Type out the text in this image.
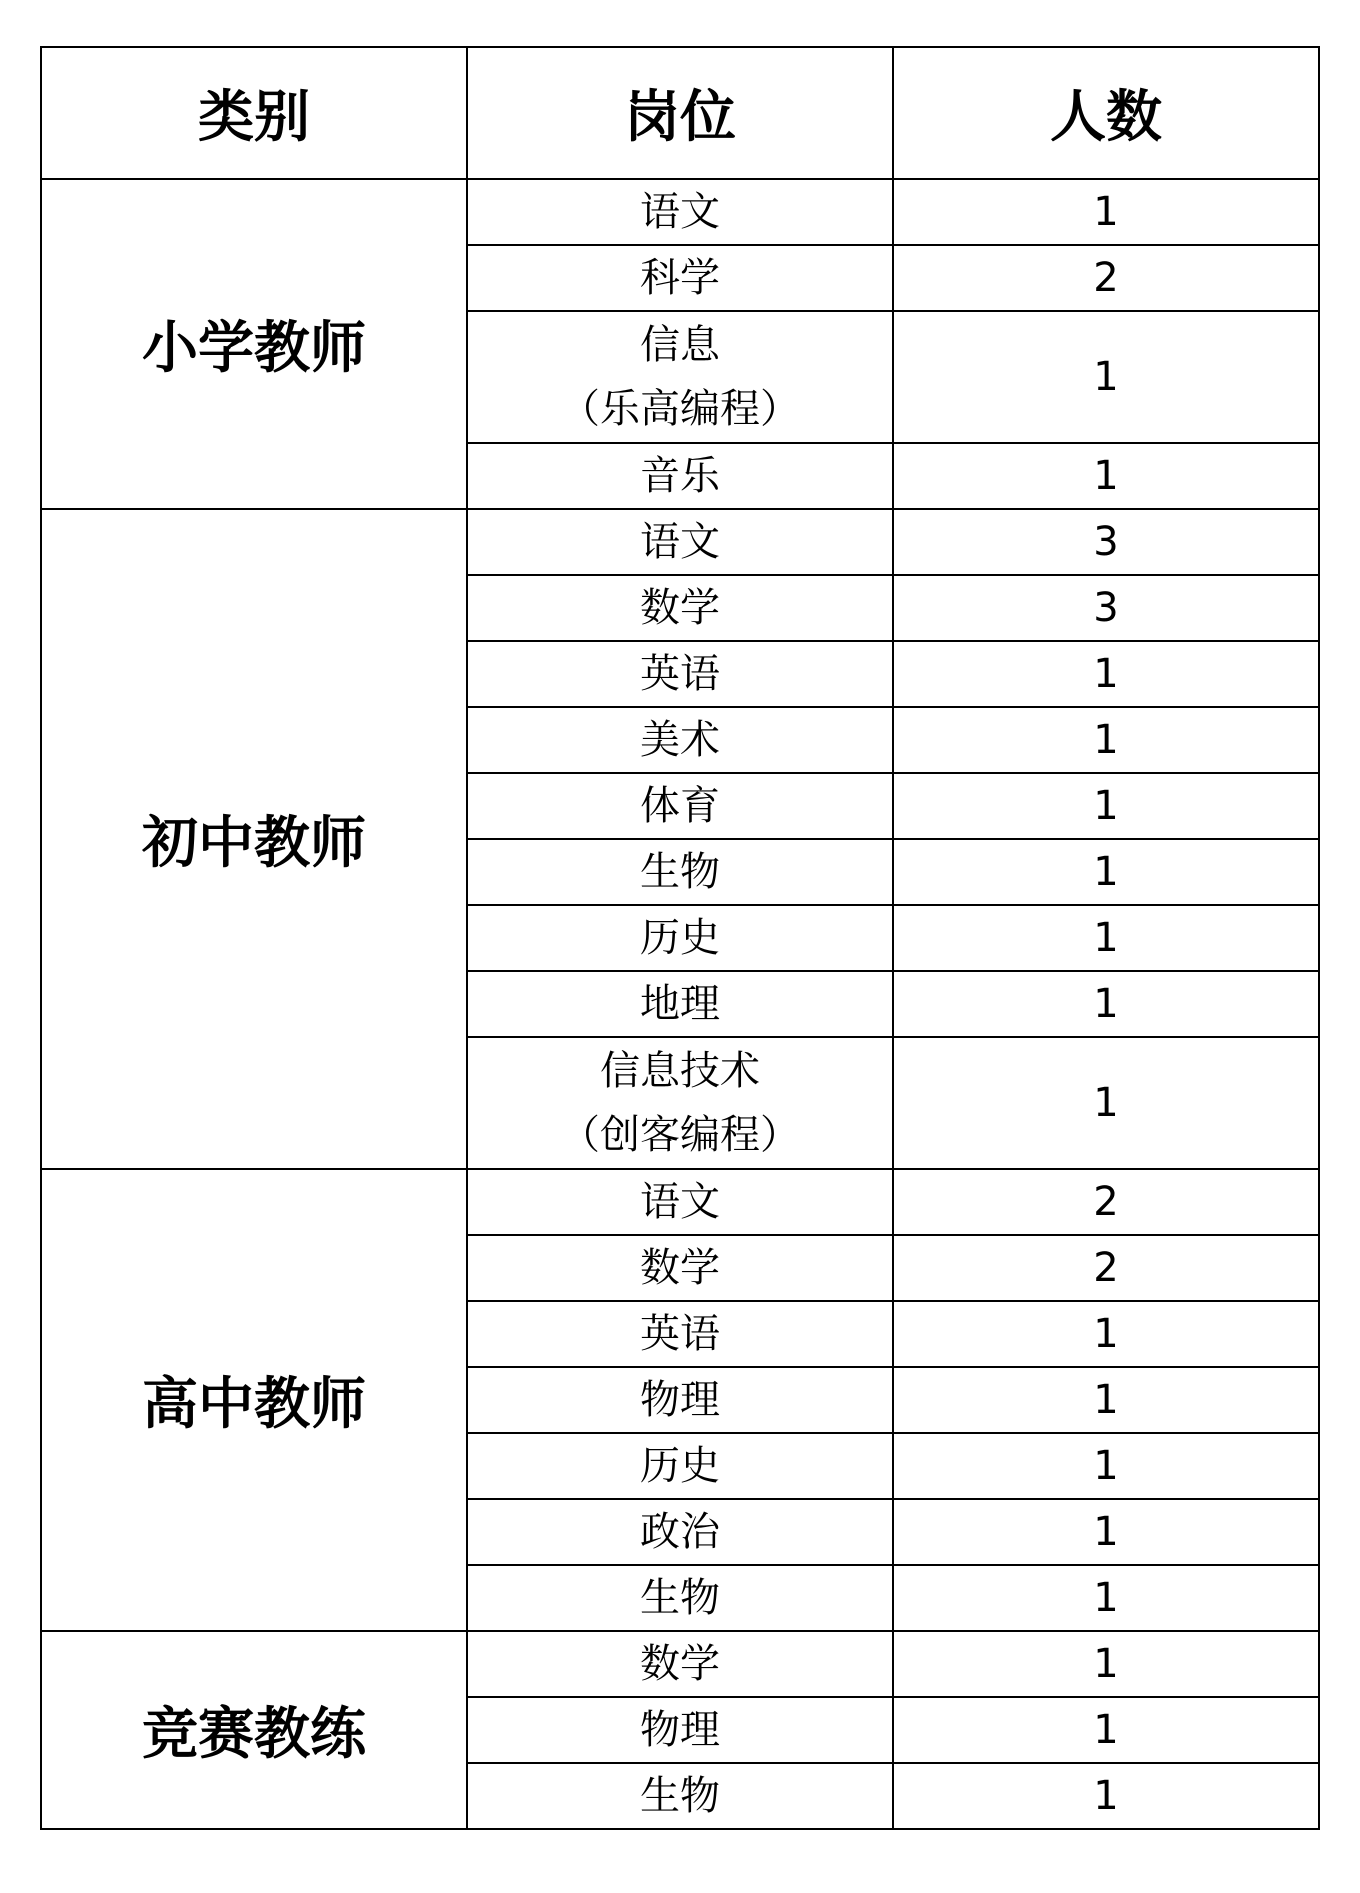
类别	岗位	人数
小学教师	语文	1
	科学	2
	信息
（乐高编程）	1
	音乐	1
初中教师	语文	3
	数学	3
	英语	1
	美术	1
	体育	1
	生物	1
	历史	1
	地理	1
	信息技术
（创客编程）	1
高中教师	语文	2
	数学	2
	英语	1
	物理	1
	历史	1
	政治	1
	生物	1
竞赛教练	数学	1
	物理	1
	生物	1
